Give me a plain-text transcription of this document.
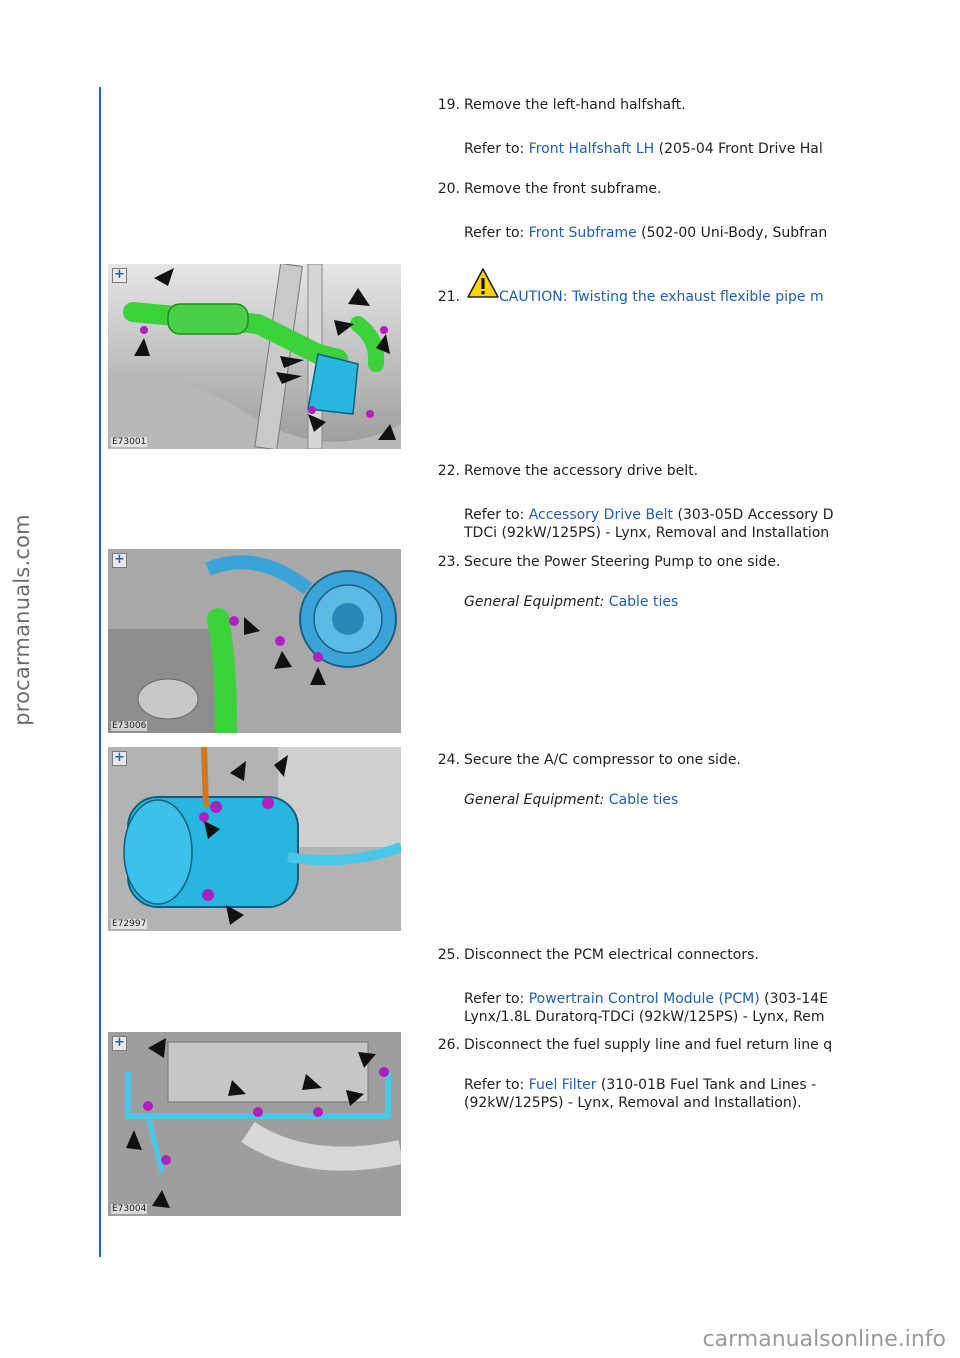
procarmanuals.com
19. Remove the left-hand halfshaft.
Refer to: Front Halfshaft LH (205-04 Front Drive Hal
20. Remove the front subframe.
Refer to: Front Subframe (502-00 Uni-Body, Subfran
21.	CAUTION: Twisting the exhaust flexible pipe m
22. Remove the accessory drive belt.
Refer to: Accessory Drive Belt (303-05D Accessory D
TDCi (92kW/125PS) - Lynx, Removal and Installation
23. Secure the Power Steering Pump to one side.
General Equipment: Cable ties
24. Secure the A/C compressor to one side.
General Equipment: Cable ties
25. Disconnect the PCM electrical connectors.
Refer to: Powertrain Control Module (PCM) (303-14E
Lynx/1.8L Duratorq-TDCi (92kW/125PS) - Lynx, Rem
26. Disconnect the fuel supply line and fuel return line q
Refer to: Fuel Filter (310-01B Fuel Tank and Lines -
(92kW/125PS) - Lynx, Removal and Installation).
+
E73001
+
E73006
+
E72997
+
E73004
carmanualsonline.info
